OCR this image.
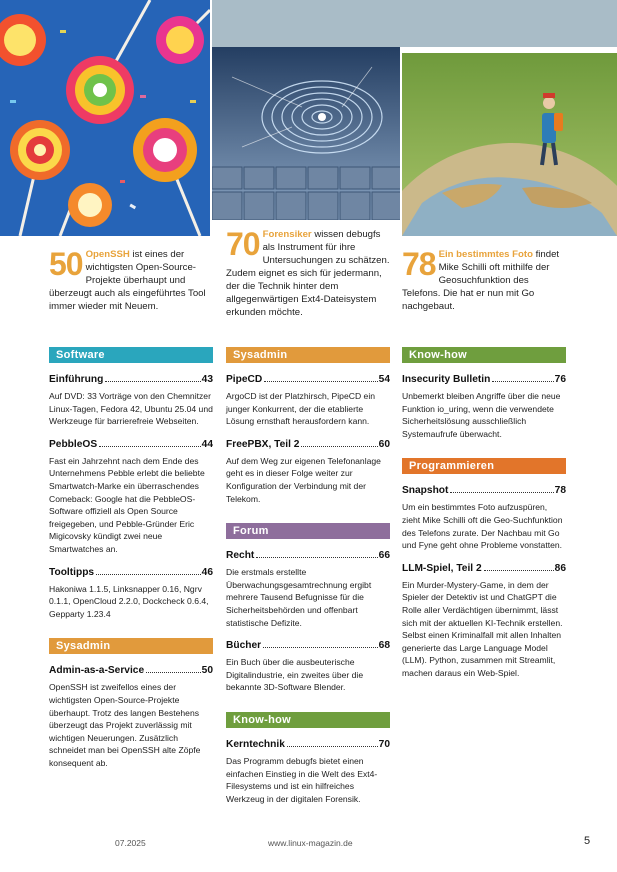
50 OpenSSH ist eines der wichtigsten Open-Source-Projekte überhaupt und überzeugt auch als eingeführtes Tool immer wieder mit Neuem.
70 Forensiker wissen debugfs als Instrument für ihre Untersuchungen zu schätzen. Zudem eignet es sich für jedermann, der die Technik hinter dem allgegenwärtigen Ext4-Dateisystem erkunden möchte.
78 Ein bestimmtes Foto findet Mike Schilli oft mithilfe der Geosuchfunktion des Telefons. Die hat er nun mit Go nachgebaut.
Software
Einführung	43
Auf DVD: 33 Vorträge von den Chemnitzer Linux-Tagen, Fedora 42, Ubuntu 25.04 und Werkzeuge für barrierefreie Webseiten.
PebbleOS	44
Fast ein Jahrzehnt nach dem Ende des Unternehmens Pebble erlebt die beliebte Smartwatch-Marke ein überraschendes Comeback: Google hat die PebbleOS-Software offiziell als Open Source freigegeben, und Pebble-Gründer Eric Migicovsky kündigt zwei neue Smartwatches an.
Tooltipps	46
Hakoniwa 1.1.5, Linksnapper 0.16, Ngrv 0.1.1, OpenCloud 2.2.0, Dockcheck 0.6.4, Gepparty 1.23.4
Sysadmin
Admin-as-a-Service	50
OpenSSH ist zweifellos eines der wichtigsten Open-Source-Projekte überhaupt. Trotz des langen Bestehens überzeugt das Projekt zuverlässig mit wichtigen Neuerungen. Zusätzlich schneidet man bei OpenSSH alte Zöpfe konsequent ab.
Sysadmin
PipeCD	54
ArgoCD ist der Platzhirsch, PipeCD ein junger Konkurrent, der die etablierte Lösung ernsthaft herausfordern kann.
FreePBX, Teil 2	60
Auf dem Weg zur eigenen Telefonanlage geht es in dieser Folge weiter zur Konfiguration der Verbindung mit der Telekom.
Forum
Recht	66
Die erstmals erstellte Überwachungsgesamtrechnung ergibt mehrere Tausend Befugnisse für die Sicherheitsbehörden und offenbart statistische Defizite.
Bücher	68
Ein Buch über die ausbeuterische Digitalindustrie, ein zweites über die bekannte 3D-Software Blender.
Know-how
Kerntechnik	70
Das Programm debugfs bietet einen einfachen Einstieg in die Welt des Ext4-Filesystems und ist ein hilfreiches Werkzeug in der digitalen Forensik.
Know-how
Insecurity Bulletin	76
Unbemerkt bleiben Angriffe über die neue Funktion io_uring, wenn die verwendete Sicherheitslösung ausschließlich Systemaufrufe überwacht.
Programmieren
Snapshot	78
Um ein bestimmtes Foto aufzuspüren, zieht Mike Schilli oft die Geo-Suchfunktion des Telefons zurate. Der Nachbau mit Go und Fyne geht ohne Probleme vonstatten.
LLM-Spiel, Teil 2	86
Ein Murder-Mystery-Game, in dem der Spieler der Detektiv ist und ChatGPT die Rolle aller Verdächtigen übernimmt, lässt sich mit der aktuellen KI-Technik erstellen. Selbst einen Kriminalfall mit allen Inhalten generierte das Large Language Model (LLM). Python, zusammen mit Streamlit, machen daraus ein Web-Spiel.
07.2025	www.linux-magazin.de	5
